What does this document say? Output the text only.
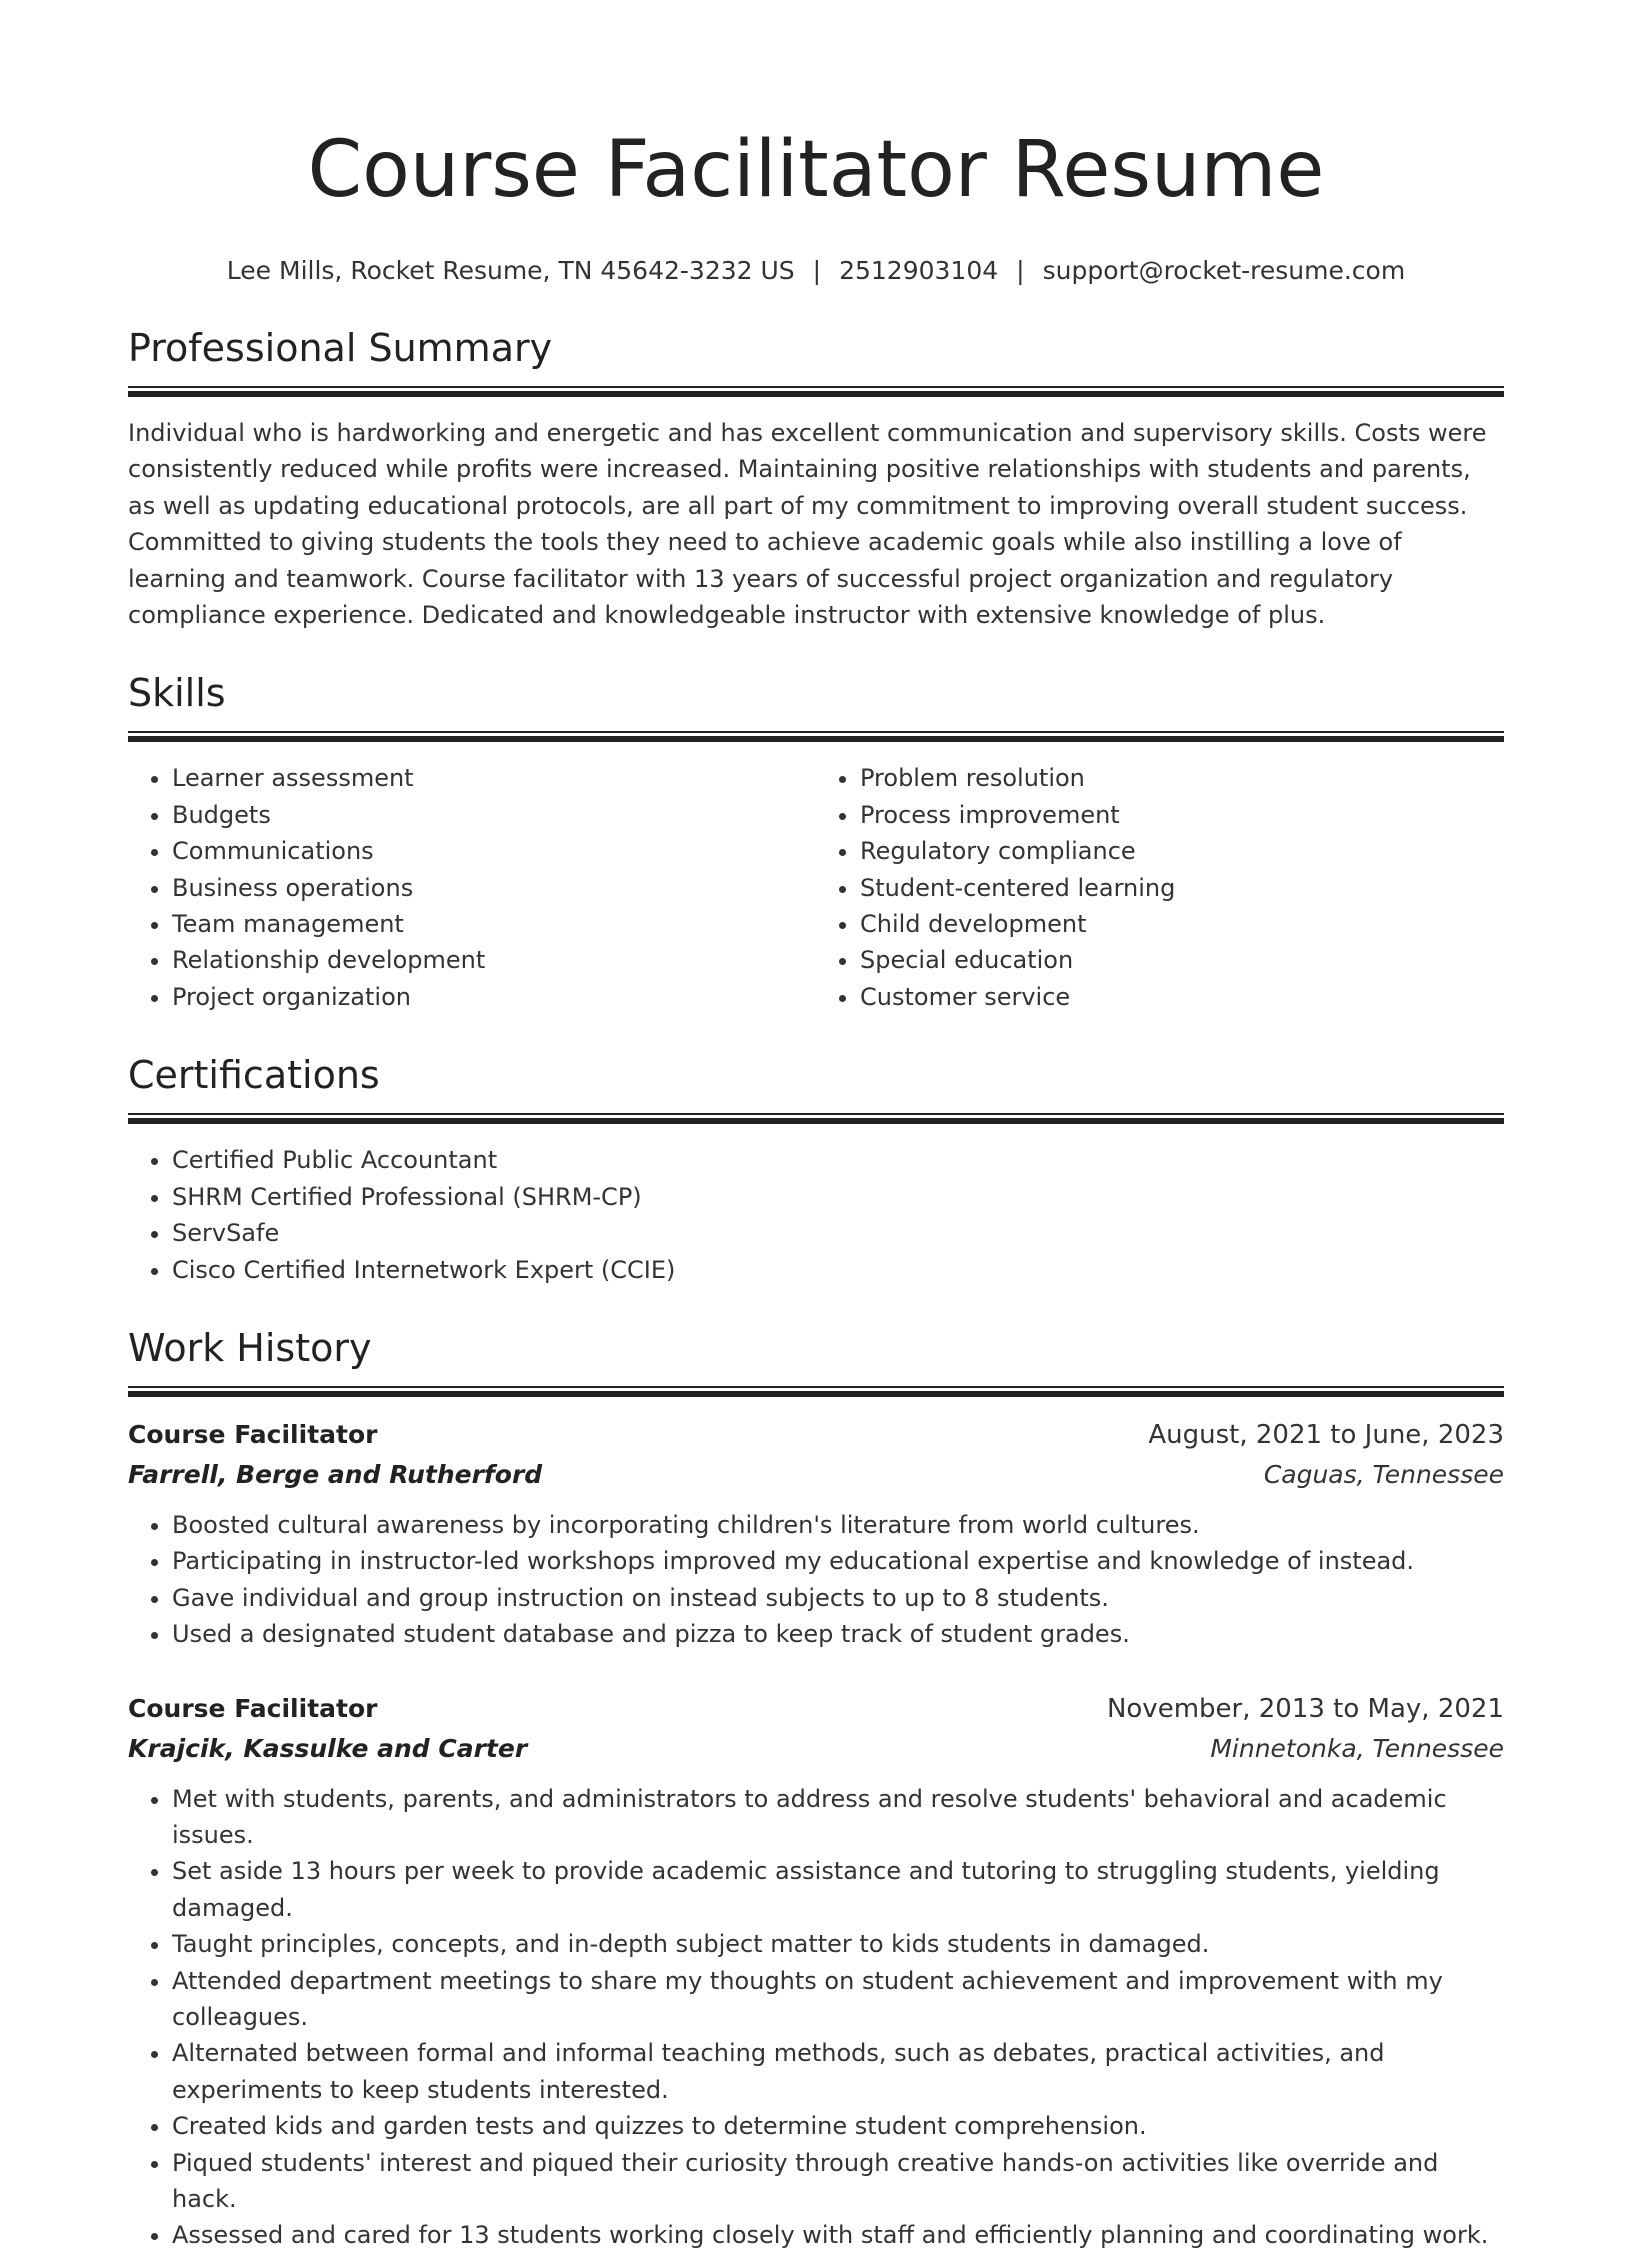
Course Facilitator Resume
Lee Mills, Rocket Resume, TN 45642-3232 US | 2512903104 | support@rocket-resume.com
Professional Summary

Individual who is hardworking and energetic and has excellent communication and supervisory skills. Costs were consistently reduced while profits were increased. Maintaining positive relationships with students and parents, as well as updating educational protocols, are all part of my commitment to improving overall student success. Committed to giving students the tools they need to achieve academic goals while also instilling a love of learning and teamwork. Course facilitator with 13 years of successful project organization and regulatory compliance experience. Dedicated and knowledgeable instructor with extensive knowledge of plus.

Skills
• Learner assessment
• Budgets
• Communications
• Business operations
• Team management
• Relationship development
• Project organization
• Problem resolution
• Process improvement
• Regulatory compliance
• Student-centered learning
• Child development
• Special education
• Customer service
Certifications
• Certified Public Accountant
• SHRM Certified Professional (SHRM-CP)
• ServSafe
• Cisco Certified Internetwork Expert (CCIE)
Work History
Course Facilitator	August, 2021 to June, 2023
Farrell, Berge and Rutherford	Caguas, Tennessee
• Boosted cultural awareness by incorporating children's literature from world cultures.
• Participating in instructor-led workshops improved my educational expertise and knowledge of instead.
• Gave individual and group instruction on instead subjects to up to 8 students.
• Used a designated student database and pizza to keep track of student grades.
Course Facilitator	November, 2013 to May, 2021
Krajcik, Kassulke and Carter	Minnetonka, Tennessee
• Met with students, parents, and administrators to address and resolve students' behavioral and academic issues.
• Set aside 13 hours per week to provide academic assistance and tutoring to struggling students, yielding damaged.
• Taught principles, concepts, and in-depth subject matter to kids students in damaged.
• Attended department meetings to share my thoughts on student achievement and improvement with my colleagues.
• Alternated between formal and informal teaching methods, such as debates, practical activities, and experiments to keep students interested.
• Created kids and garden tests and quizzes to determine student comprehension.
• Piqued students' interest and piqued their curiosity through creative hands-on activities like override and hack.
• Assessed and cared for 13 students working closely with staff and efficiently planning and coordinating work.
